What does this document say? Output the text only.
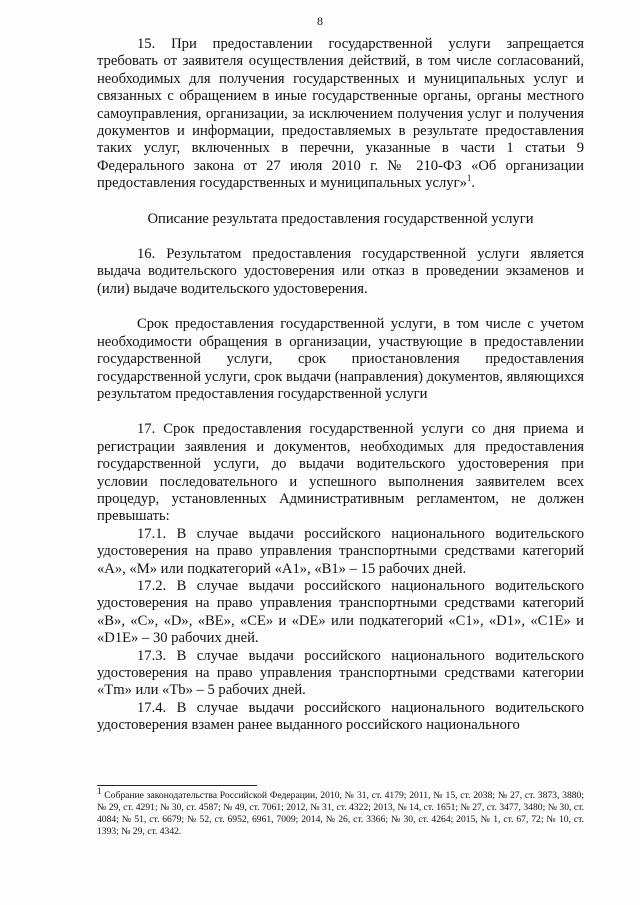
8

15. При предоставлении государственной услуги запрещается требовать от заявителя осуществления действий, в том числе согласований, необходимых для получения государственных и муниципальных услуг и связанных с обращением в иные государственные органы, органы местного самоуправления, организации, за исключением получения услуг и получения документов и информации, предоставляемых в результате предоставления таких услуг, включенных в перечни, указанные в части 1 статьи 9 Федерального закона от 27 июля 2010 г. № 210-ФЗ «Об организации предоставления государственных и муниципальных услуг»$^1$.

Описание результата предоставления государственной услуги

16. Результатом предоставления государственной услуги является выдача водительского удостоверения или отказ в проведении экзаменов и (или) выдаче водительского удостоверения.

Срок предоставления государственной услуги, в том числе с учетом необходимости обращения в организации, участвующие в предоставлении государственной услуги, срок приостановления предоставления государственной услуги, срок выдачи (направления) документов, являющихся результатом предоставления государственной услуги

17. Срок предоставления государственной услуги со дня приема и регистрации заявления и документов, необходимых для предоставления государственной услуги, до выдачи водительского удостоверения при условии последовательного и успешного выполнения заявителем всех процедур, установленных Административным регламентом, не должен превышать:

17.1. В случае выдачи российского национального водительского удостоверения на право управления транспортными средствами категорий «A», «M» или подкатегорий «A1», «B1» – 15 рабочих дней.

17.2. В случае выдачи российского национального водительского удостоверения на право управления транспортными средствами категорий «B», «C», «D», «BE», «CE» и «DE» или подкатегорий «C1», «D1», «C1E» и «D1E» – 30 рабочих дней.

17.3. В случае выдачи российского национального водительского удостоверения на право управления транспортными средствами категории «Tm» или «Tb» – 5 рабочих дней.

17.4. В случае выдачи российского национального водительского удостоверения взамен ранее выданного российского национального

$^1$ Собрание законодательства Российской Федерации, 2010, № 31, ст. 4179; 2011, № 15, ст. 2038; № 27, ст. 3873, 3880; № 29, ст. 4291; № 30, ст. 4587; № 49, ст. 7061; 2012, № 31, ст. 4322; 2013, № 14, ст. 1651; № 27, ст. 3477, 3480; № 30, ст. 4084; № 51, ст. 6679; № 52, ст. 6952, 6961, 7009; 2014, № 26, ст. 3366; № 30, ст. 4264; 2015, № 1, ст. 67, 72; № 10, ст. 1393; № 29, ст. 4342.
